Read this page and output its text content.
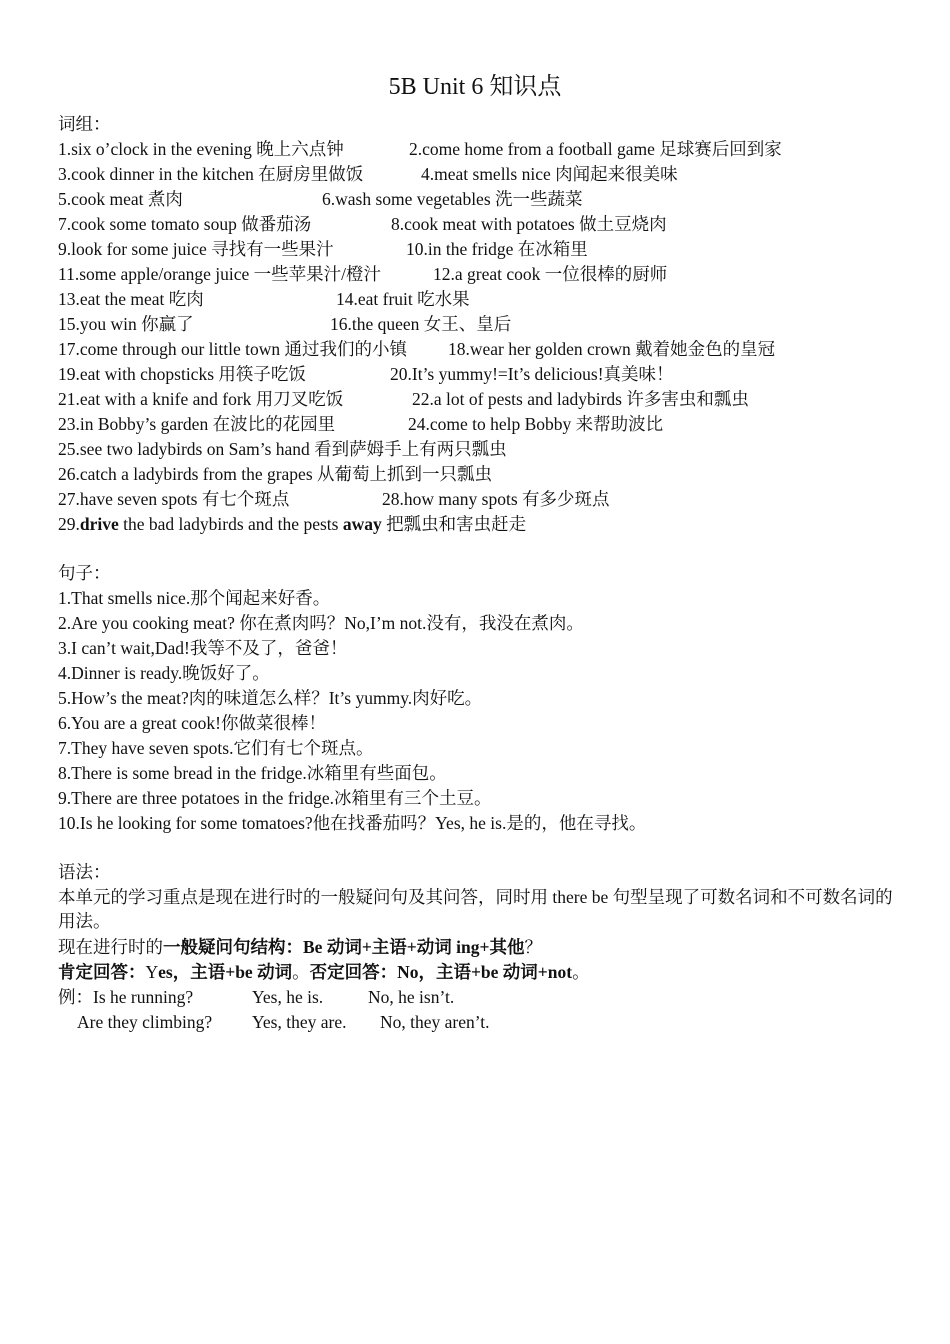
5B Unit 6 知识点
词组：
1.six o’clock in the evening 晚上六点钟	2.come home from a football game 足球赛后回到家
3.cook dinner in the kitchen 在厨房里做饭	4.meat smells nice 肉闻起来很美味
5.cook meat 煮肉	6.wash some vegetables 洗一些蔬菜
7.cook some tomato soup 做番茄汤	8.cook meat with potatoes 做土豆烧肉
9.look for some juice 寻找有一些果汁	10.in the fridge 在冰箱里
11.some apple/orange juice 一些苹果汁/橙汁	12.a great cook 一位很棒的厨师
13.eat the meat 吃肉	14.eat fruit 吃水果
15.you win 你赢了	16.the queen 女王、皇后
17.come through our little town 通过我们的小镇 18.wear her golden crown 戴着她金色的皇冠
19.eat with chopsticks 用筷子吃饭	20.It’s yummy!=It’s delicious!真美味！
21.eat with a knife and fork 用刀叉吃饭	22.a lot of pests and ladybirds 许多害虫和瓢虫
23.in Bobby’s garden 在波比的花园里	24.come to help Bobby 来帮助波比
25.see two ladybirds on Sam’s hand 看到萨姆手上有两只瓢虫
26.catch a ladybirds from the grapes 从葡萄上抓到一只瓢虫
27.have seven spots 有七个斑点	28.how many spots 有多少斑点
29.drive the bad ladybirds and the pests away 把瓢虫和害虫赶走
句子：
1.That smells nice.那个闻起来好香。
2.Are you cooking meat? 你在煮肉吗？No,I’m not.没有，我没在煮肉。
3.I can’t wait,Dad!我等不及了，爸爸！
4.Dinner is ready.晚饭好了。
5.How’s the meat?肉的味道怎么样？It’s yummy.肉好吃。
6.You are a great cook!你做菜很棒！
7.They have seven spots.它们有七个斑点。
8.There is some bread in the fridge.冰箱里有些面包。
9.There are three potatoes in the fridge.冰箱里有三个土豆。
10.Is he looking for some tomatoes?他在找番茄吗？Yes, he is.是的，他在寻找。
语法：
本单元的学习重点是现在进行时的一般疑问句及其问答，同时用 there be 句型呈现了可数名词和不可数名词的用法。
现在进行时的一般疑问句结构：Be 动词+主语+动词 ing+其他？
肯定回答：Yes，主语+be 动词。否定回答：No，主语+be 动词+not。
例：Is he running?	Yes, he is.	No, he isn’t.
Are they climbing? Yes, they are. No, they aren’t.
